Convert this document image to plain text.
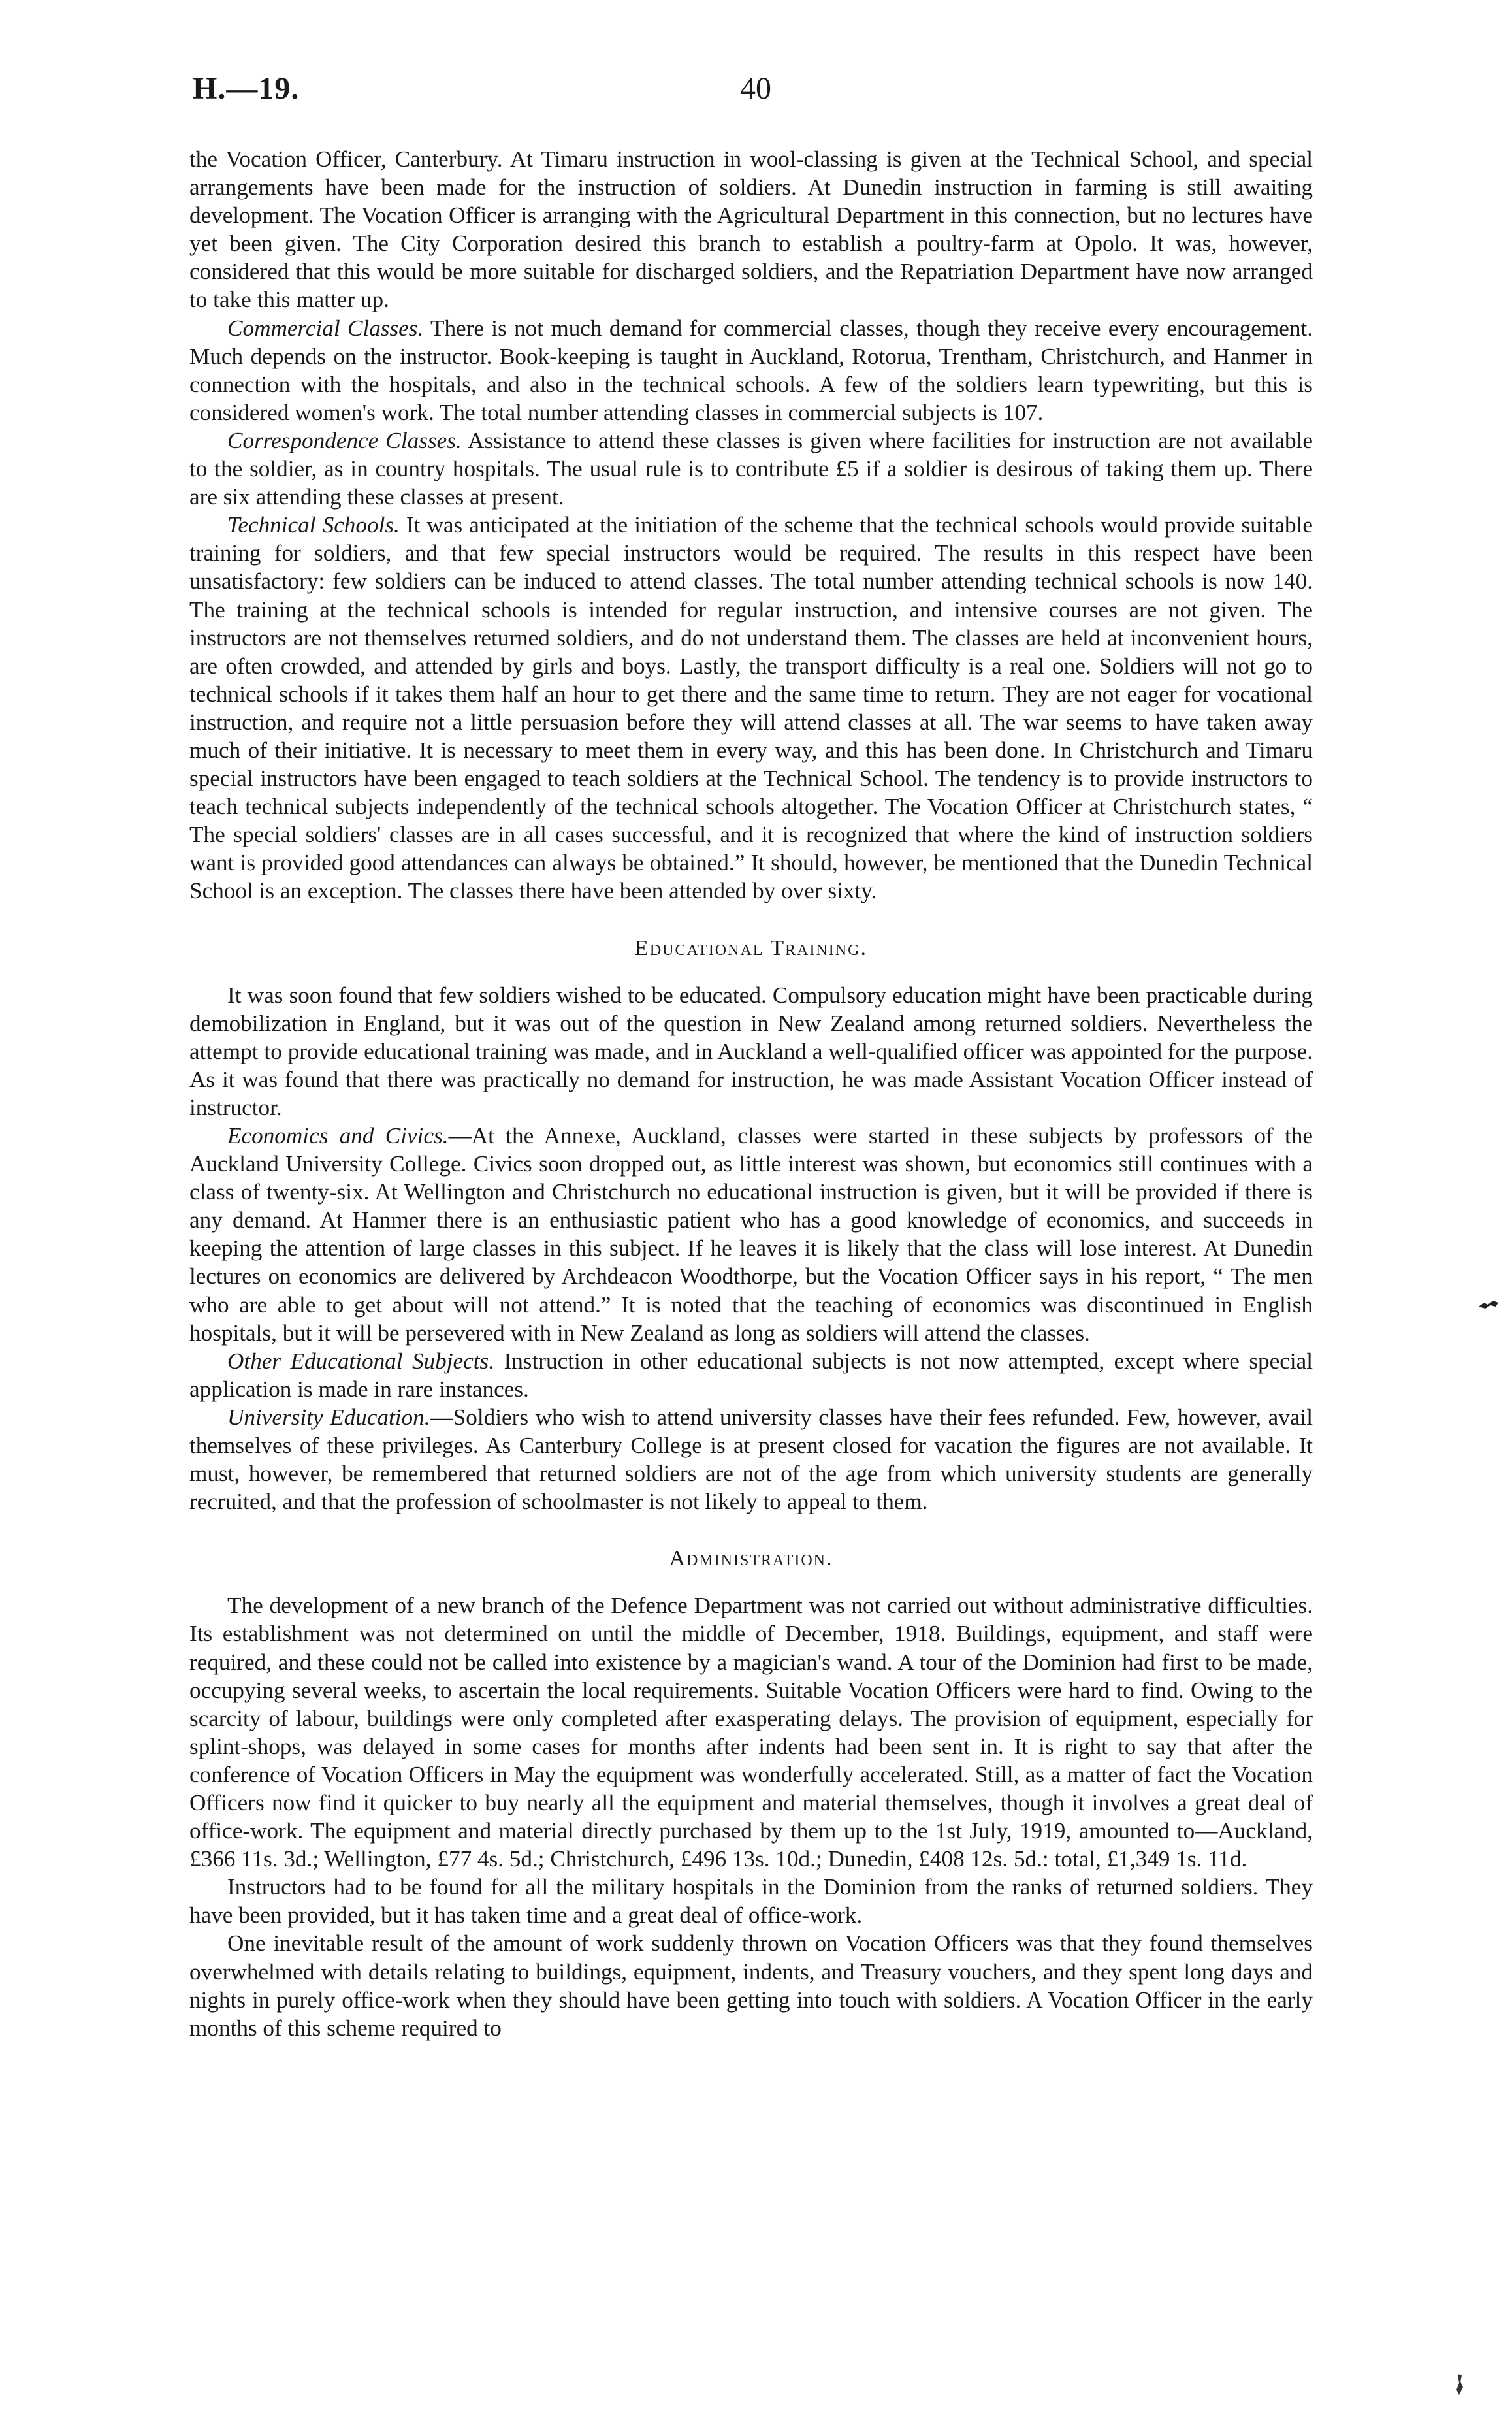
H.—19.	40

the Vocation Officer, Canterbury. At Timaru instruction in wool-classing is given at the Technical School, and special arrangements have been made for the instruction of soldiers. At Dunedin instruction in farming is still awaiting development. The Vocation Officer is arranging with the Agricultural Department in this connection, but no lectures have yet been given. The City Corporation desired this branch to establish a poultry-farm at Opolo. It was, however, considered that this would be more suitable for discharged soldiers, and the Repatriation Department have now arranged to take this matter up.

Commercial Classes. There is not much demand for commercial classes, though they receive every encouragement. Much depends on the instructor. Book-keeping is taught in Auckland, Rotorua, Trentham, Christchurch, and Hanmer in connection with the hospitals, and also in the technical schools. A few of the soldiers learn typewriting, but this is considered women's work. The total number attending classes in commercial subjects is 107.

Correspondence Classes. Assistance to attend these classes is given where facilities for instruction are not available to the soldier, as in country hospitals. The usual rule is to contribute £5 if a soldier is desirous of taking them up. There are six attending these classes at present.

Technical Schools. It was anticipated at the initiation of the scheme that the technical schools would provide suitable training for soldiers, and that few special instructors would be required. The results in this respect have been unsatisfactory: few soldiers can be induced to attend classes. The total number attending technical schools is now 140. The training at the technical schools is intended for regular instruction, and intensive courses are not given. The instructors are not themselves returned soldiers, and do not understand them. The classes are held at inconvenient hours, are often crowded, and attended by girls and boys. Lastly, the transport difficulty is a real one. Soldiers will not go to technical schools if it takes them half an hour to get there and the same time to return. They are not eager for vocational instruction, and require not a little persuasion before they will attend classes at all. The war seems to have taken away much of their initiative. It is necessary to meet them in every way, and this has been done. In Christchurch and Timaru special instructors have been engaged to teach soldiers at the Technical School. The tendency is to provide instructors to teach technical subjects independently of the technical schools altogether. The Vocation Officer at Christchurch states, “ The special soldiers' classes are in all cases successful, and it is recognized that where the kind of instruction soldiers want is provided good attendances can always be obtained.” It should, however, be mentioned that the Dunedin Technical School is an exception. The classes there have been attended by over sixty.

Educational Training.

It was soon found that few soldiers wished to be educated. Compulsory education might have been practicable during demobilization in England, but it was out of the question in New Zealand among returned soldiers. Nevertheless the attempt to provide educational training was made, and in Auckland a well-qualified officer was appointed for the purpose. As it was found that there was practically no demand for instruction, he was made Assistant Vocation Officer instead of instructor.

Economics and Civics.—At the Annexe, Auckland, classes were started in these subjects by professors of the Auckland University College. Civics soon dropped out, as little interest was shown, but economics still continues with a class of twenty-six. At Wellington and Christchurch no educational instruction is given, but it will be provided if there is any demand. At Hanmer there is an enthusiastic patient who has a good knowledge of economics, and succeeds in keeping the attention of large classes in this subject. If he leaves it is likely that the class will lose interest. At Dunedin lectures on economics are delivered by Archdeacon Woodthorpe, but the Vocation Officer says in his report, “ The men who are able to get about will not attend.” It is noted that the teaching of economics was discontinued in English hospitals, but it will be persevered with in New Zealand as long as soldiers will attend the classes.

Other Educational Subjects. Instruction in other educational subjects is not now attempted, except where special application is made in rare instances.

University Education.—Soldiers who wish to attend university classes have their fees refunded. Few, however, avail themselves of these privileges. As Canterbury College is at present closed for vacation the figures are not available. It must, however, be remembered that returned soldiers are not of the age from which university students are generally recruited, and that the profession of schoolmaster is not likely to appeal to them.

Administration.

The development of a new branch of the Defence Department was not carried out without administrative difficulties. Its establishment was not determined on until the middle of December, 1918. Buildings, equipment, and staff were required, and these could not be called into existence by a magician's wand. A tour of the Dominion had first to be made, occupying several weeks, to ascertain the local requirements. Suitable Vocation Officers were hard to find. Owing to the scarcity of labour, buildings were only completed after exasperating delays. The provision of equipment, especially for splint-shops, was delayed in some cases for months after indents had been sent in. It is right to say that after the conference of Vocation Officers in May the equipment was wonderfully accelerated. Still, as a matter of fact the Vocation Officers now find it quicker to buy nearly all the equipment and material themselves, though it involves a great deal of office-work. The equipment and material directly purchased by them up to the 1st July, 1919, amounted to—Auckland, £366 11s. 3d.; Wellington, £77 4s. 5d.; Christchurch, £496 13s. 10d.; Dunedin, £408 12s. 5d.: total, £1,349 1s. 11d.

Instructors had to be found for all the military hospitals in the Dominion from the ranks of returned soldiers. They have been provided, but it has taken time and a great deal of office-work.

One inevitable result of the amount of work suddenly thrown on Vocation Officers was that they found themselves overwhelmed with details relating to buildings, equipment, indents, and Treasury vouchers, and they spent long days and nights in purely office-work when they should have been getting into touch with soldiers. A Vocation Officer in the early months of this scheme required to
